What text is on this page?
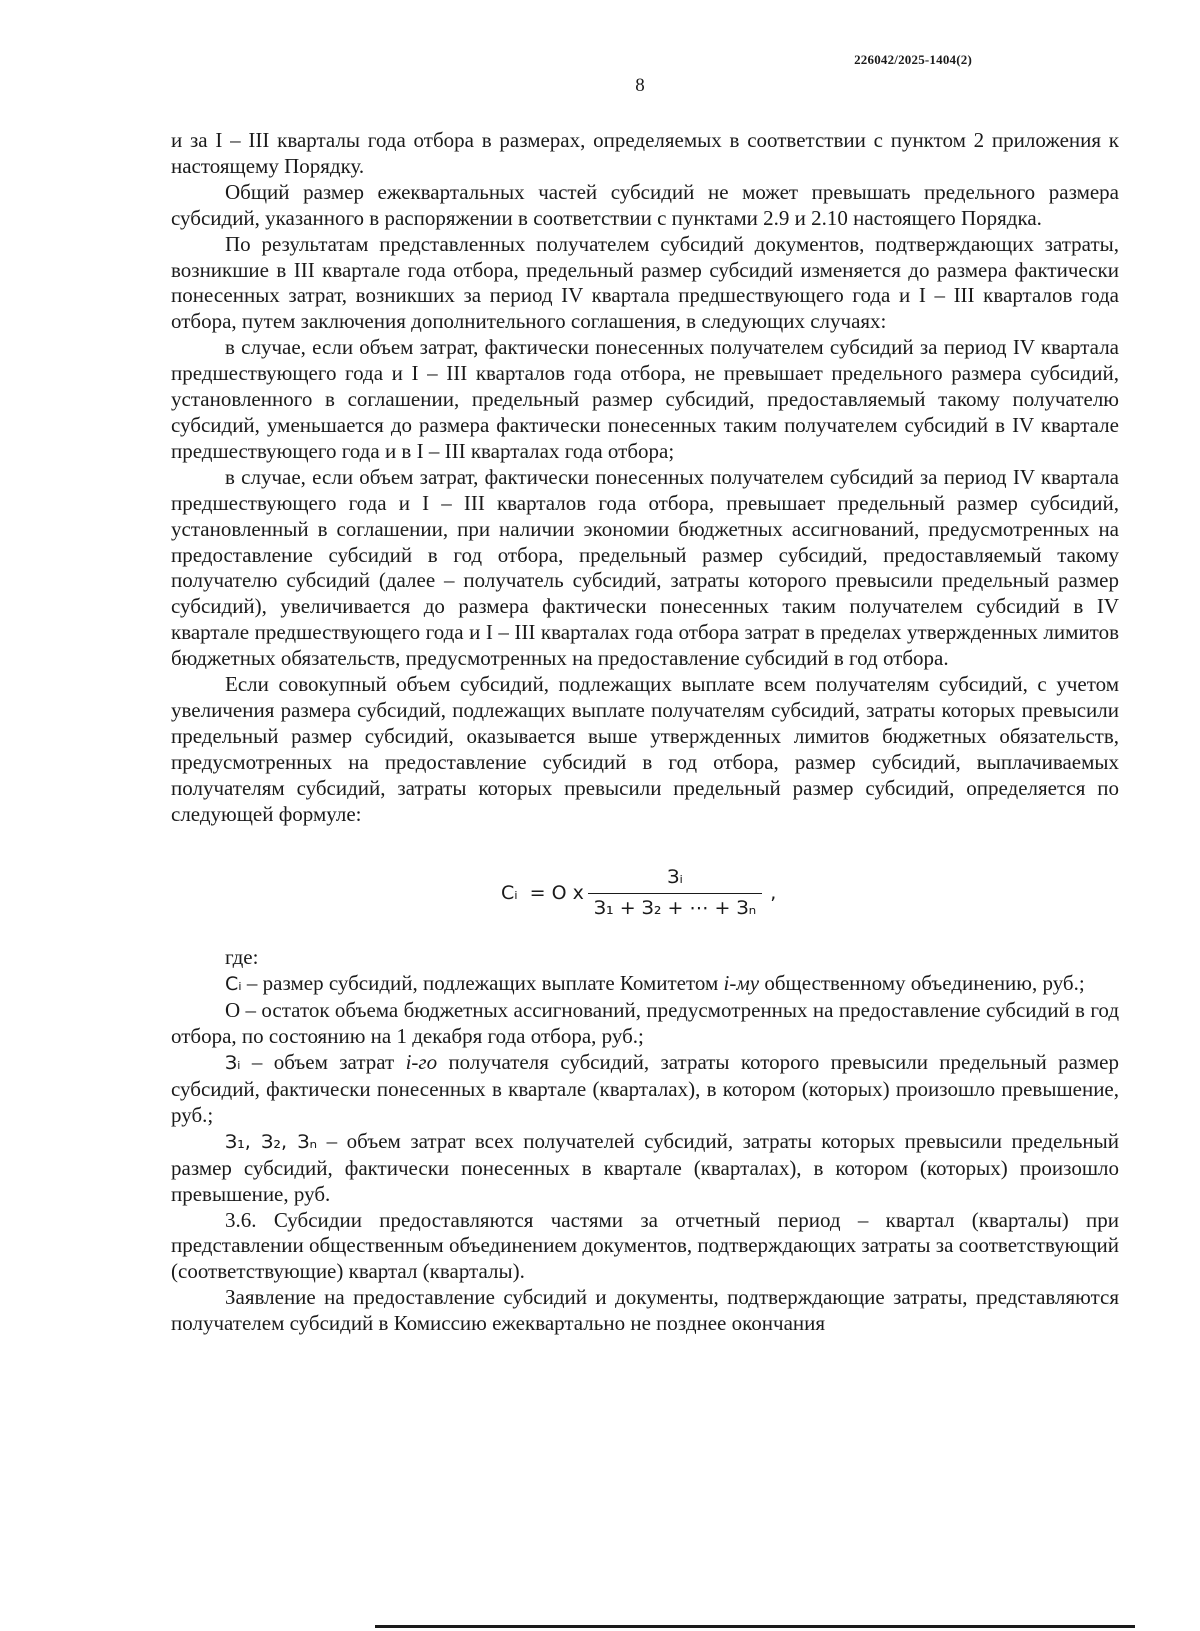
226042/2025-1404(2)
8

и за I – III кварталы года отбора в размерах, определяемых в соответствии с пунктом 2 приложения к настоящему Порядку.

Общий размер ежеквартальных частей субсидий не может превышать предельного размера субсидий, указанного в распоряжении в соответствии с пунктами 2.9 и 2.10 настоящего Порядка.

По результатам представленных получателем субсидий документов, подтверждающих затраты, возникшие в III квартале года отбора, предельный размер субсидий изменяется до размера фактически понесенных затрат, возникших за период IV квартала предшествующего года и I – III кварталов года отбора, путем заключения дополнительного соглашения, в следующих случаях:

в случае, если объем затрат, фактически понесенных получателем субсидий за период IV квартала предшествующего года и I – III кварталов года отбора, не превышает предельного размера субсидий, установленного в соглашении, предельный размер субсидий, предоставляемый такому получателю субсидий, уменьшается до размера фактически понесенных таким получателем субсидий в IV квартале предшествующего года и в I – III кварталах года отбора;

в случае, если объем затрат, фактически понесенных получателем субсидий за период IV квартала предшествующего года и I – III кварталов года отбора, превышает предельный размер субсидий, установленный в соглашении, при наличии экономии бюджетных ассигнований, предусмотренных на предоставление субсидий в год отбора, предельный размер субсидий, предоставляемый такому получателю субсидий (далее – получатель субсидий, затраты которого превысили предельный размер субсидий), увеличивается до размера фактически понесенных таким получателем субсидий в IV квартале предшествующего года и I – III кварталах года отбора затрат в пределах утвержденных лимитов бюджетных обязательств, предусмотренных на предоставление субсидий в год отбора.

Если совокупный объем субсидий, подлежащих выплате всем получателям субсидий, с учетом увеличения размера субсидий, подлежащих выплате получателям субсидий, затраты которых превысили предельный размер субсидий, оказывается выше утвержденных лимитов бюджетных обязательств, предусмотренных на предоставление субсидий в год отбора, размер субсидий, выплачиваемых получателям субсидий, затраты которых превысили предельный размер субсидий, определяется по следующей формуле:

Сᵢ = О x $\frac{\text{Зᵢ}}{\text{З₁ + З₂ + ⋯ + Зₙ}}$ ,

где:

Сᵢ – размер субсидий, подлежащих выплате Комитетом i-му общественному объединению, руб.;

О – остаток объема бюджетных ассигнований, предусмотренных на предоставление субсидий в год отбора, по состоянию на 1 декабря года отбора, руб.;

Зᵢ – объем затрат i-го получателя субсидий, затраты которого превысили предельный размер субсидий, фактически понесенных в квартале (кварталах), в котором (которых) произошло превышение, руб.;

З₁, З₂, Зₙ – объем затрат всех получателей субсидий, затраты которых превысили предельный размер субсидий, фактически понесенных в квартале (кварталах), в котором (которых) произошло превышение, руб.

3.6. Субсидии предоставляются частями за отчетный период – квартал (кварталы) при представлении общественным объединением документов, подтверждающих затраты за соответствующий (соответствующие) квартал (кварталы).

Заявление на предоставление субсидий и документы, подтверждающие затраты, представляются получателем субсидий в Комиссию ежеквартально не позднее окончания
